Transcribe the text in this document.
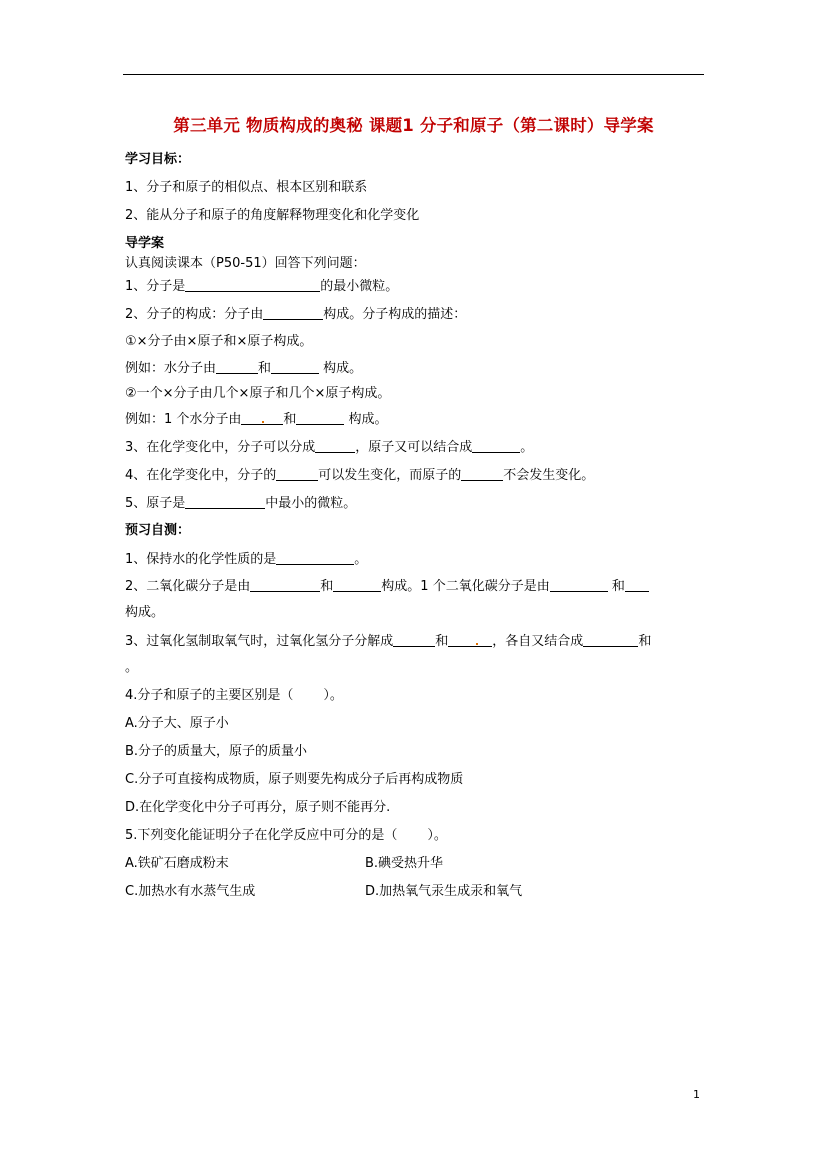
第三单元 物质构成的奥秘 课题1 分子和原子（第二课时）导学案
学习目标：
1、分子和原子的相似点、根本区别和联系
2、能从分子和原子的角度解释物理变化和化学变化
导学案
认真阅读课本（P50-51）回答下列问题：
1、分子是	的最小微粒。
2、分子的构成：分子由	构成。分子构成的描述：
①×分子由×原子和×原子构成。
例如：水分子由	和	构成。
②一个×分子由几个×原子和几个×原子构成。
例如：1 个水分子由	和	构成。
3、在化学变化中，分子可以分成	，原子又可以结合成	。
4、在化学变化中，分子的	可以发生变化，而原子的	不会发生变化。
5、原子是	中最小的微粒。
预习自测：
1、保持水的化学性质的是	。
2、二氧化碳分子是由	和	构成。1 个二氧化碳分子是由	和
构成。
3、过氧化氢制取氧气时，过氧化氢分子分解成	和	，各自又结合成	和
。
4.分子和原子的主要区别是（ ）。
A.分子大、原子小
B.分子的质量大，原子的质量小
C.分子可直接构成物质，原子则要先构成分子后再构成物质
D.在化学变化中分子可再分，原子则不能再分.
5.下列变化能证明分子在化学反应中可分的是（ ）。
A.铁矿石磨成粉末	B.碘受热升华
C.加热水有水蒸气生成	D.加热氧气汞生成汞和氧气
1
